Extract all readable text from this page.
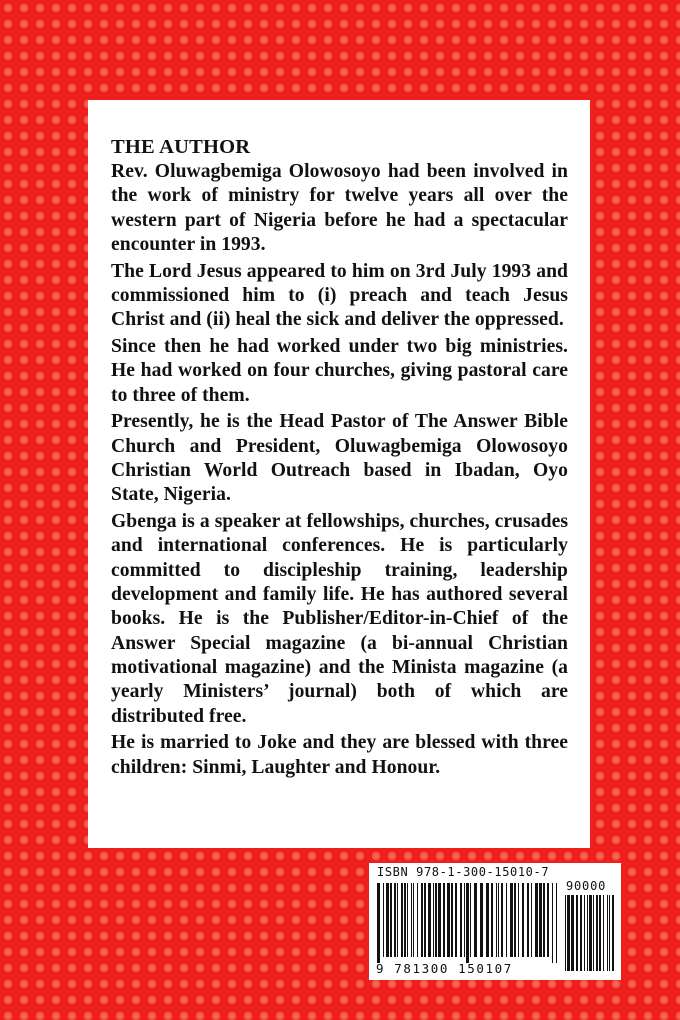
THE AUTHOR

Rev. Oluwagbemiga Olowosoyo had been involved in the work of ministry for twelve years all over the western part of Nigeria before he had a spectacular encounter in 1993.

The Lord Jesus appeared to him on 3rd July 1993 and commissioned him to (i) preach and teach Jesus Christ and (ii) heal the sick and deliver the oppressed.

Since then he had worked under two big ministries. He had worked on four churches, giving pastoral care to three of them.

Presently, he is the Head Pastor of The Answer Bible Church and President, Oluwagbemiga Olowosoyo Christian World Outreach based in Ibadan, Oyo State, Nigeria.

Gbenga is a speaker at fellowships, churches, crusades and international conferences. He is particularly committed to discipleship training, leadership development and family life. He has authored several books. He is the Publisher/Editor-in-Chief of the Answer Special magazine (a bi-annual Christian motivational magazine) and the Minista magazine (a yearly Ministers’ journal) both of which are distributed free.

He is married to Joke and they are blessed with three children: Sinmi, Laughter and Honour.

ISBN 978-1-300-15010-7
90000
9 781300 150107
